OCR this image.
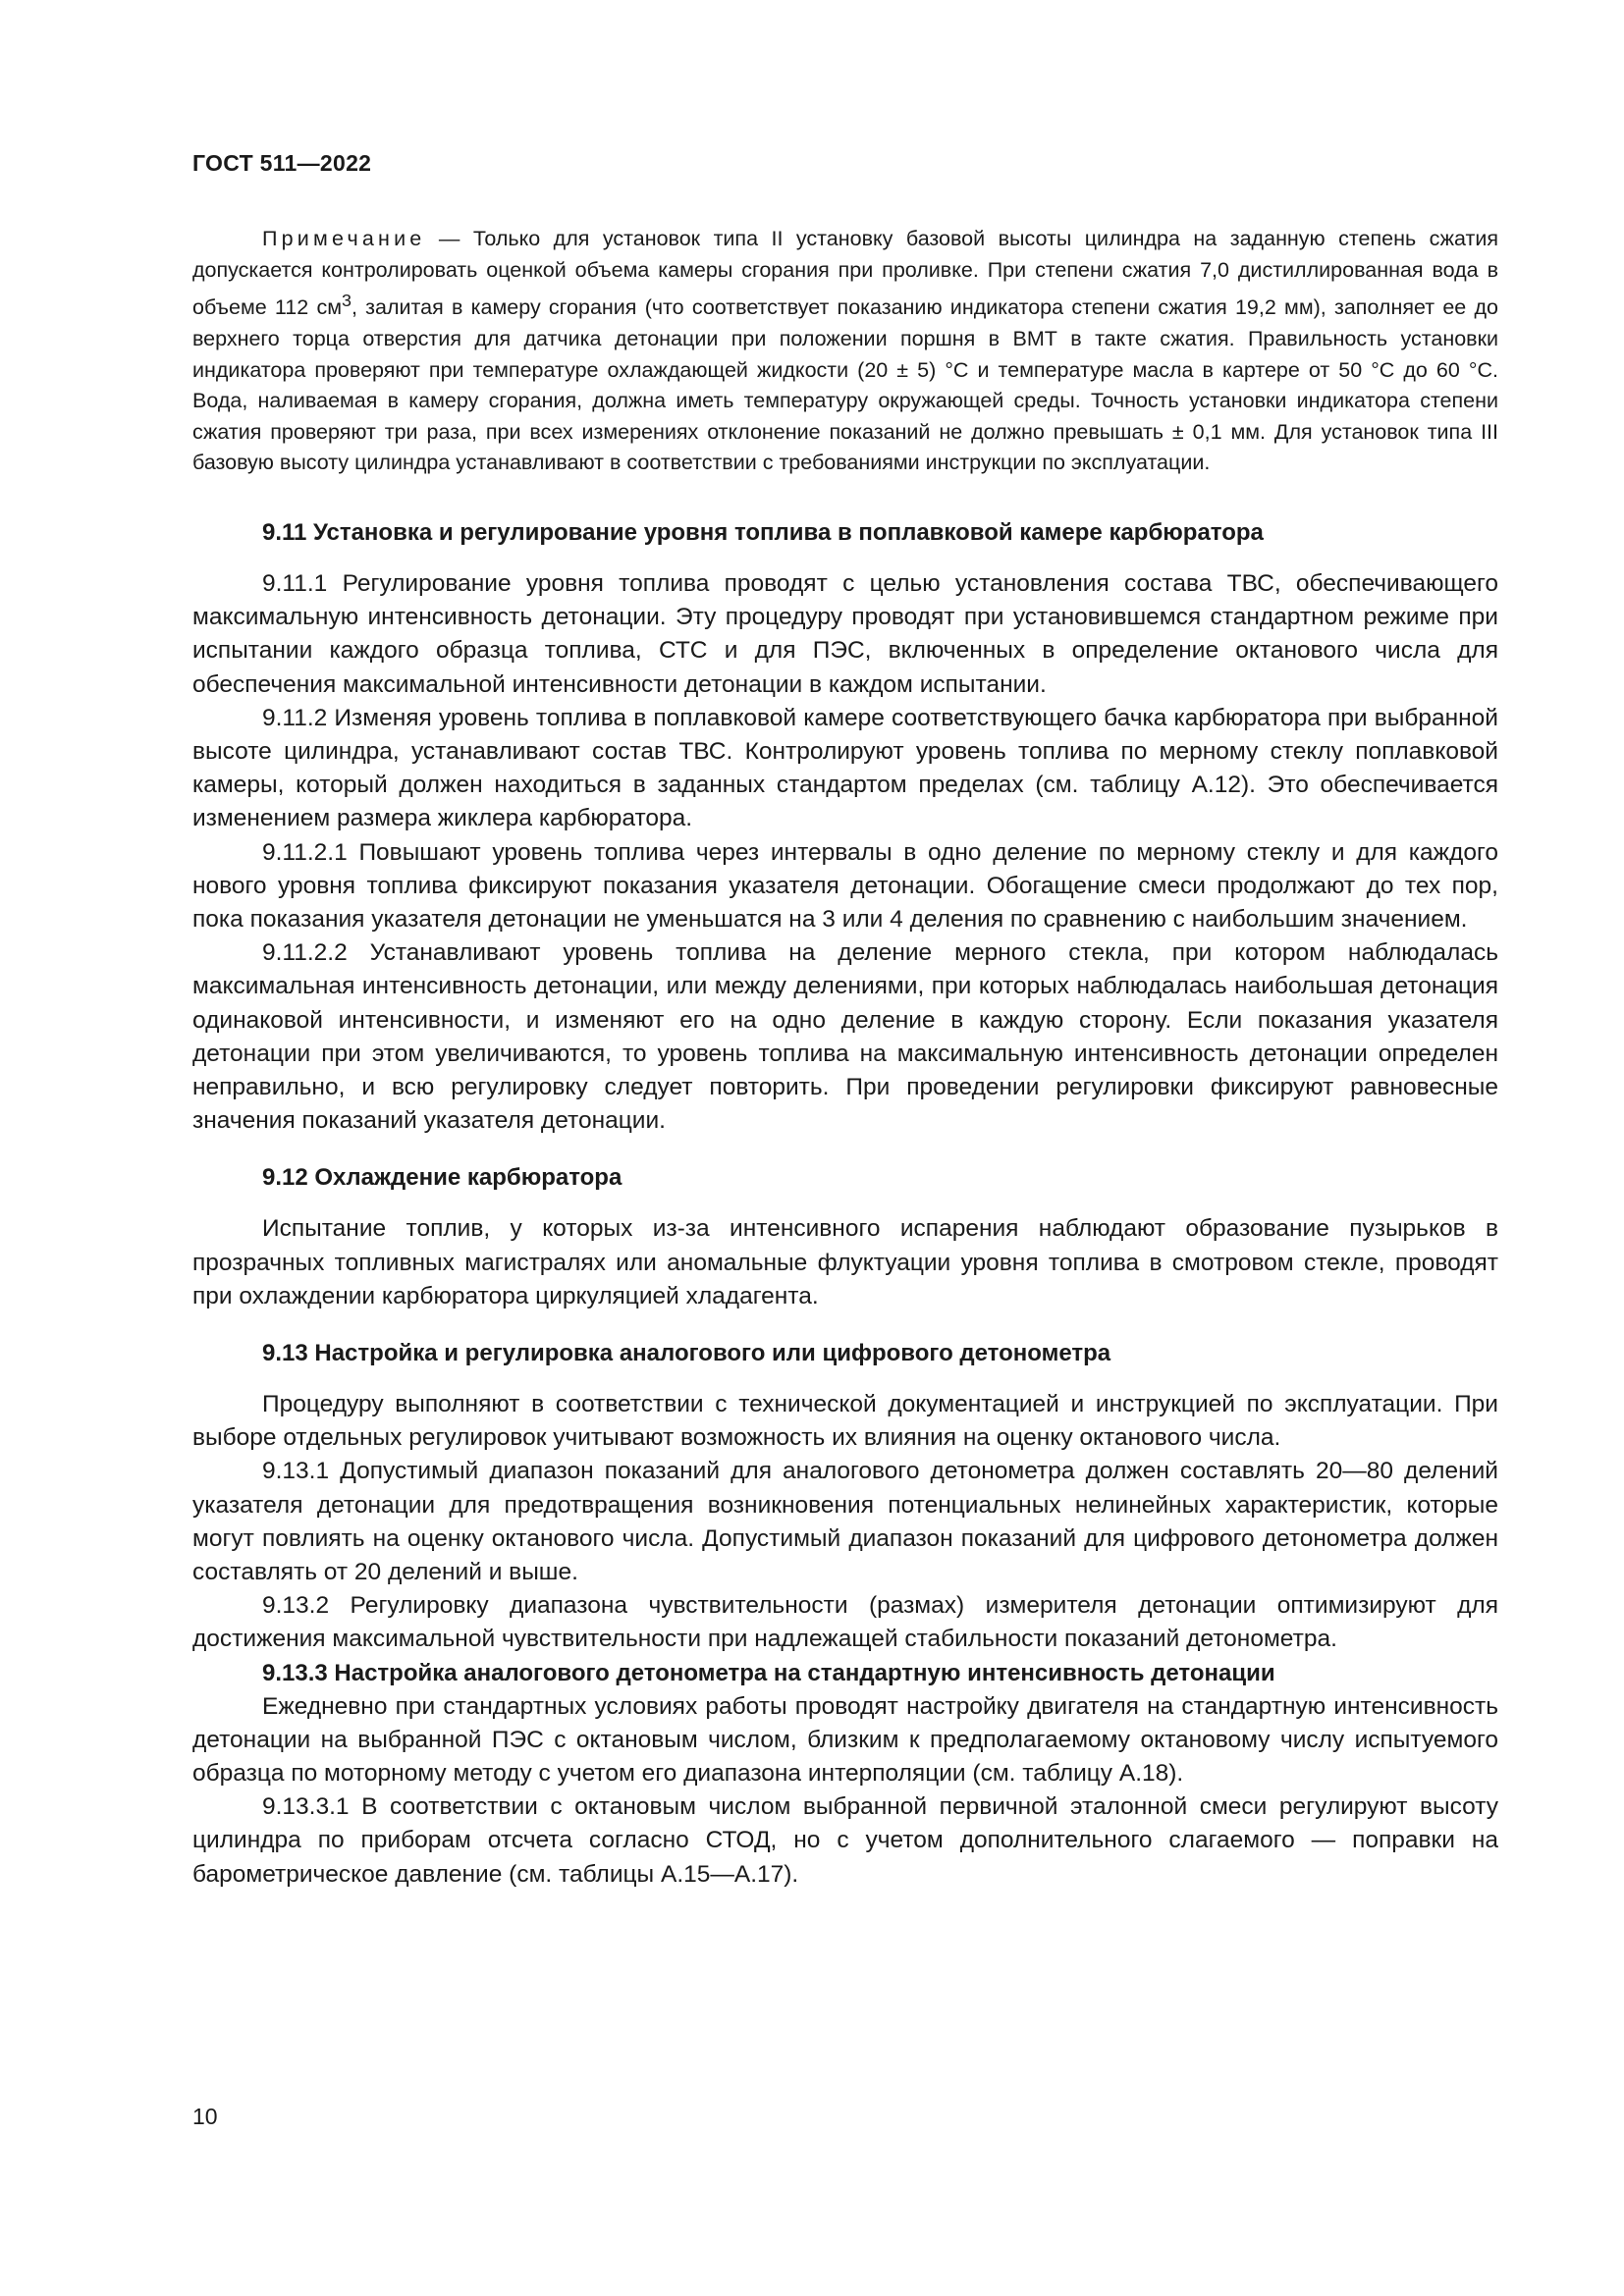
ГОСТ 511—2022

Примечание — Только для установок типа II установку базовой высоты цилиндра на заданную степень сжатия допускается контролировать оценкой объема камеры сгорания при проливке. При степени сжатия 7,0 дистиллированная вода в объеме 112 $см^3$, залитая в камеру сгорания (что соответствует показанию индикатора степени сжатия 19,2 мм), заполняет ее до верхнего торца отверстия для датчика детонации при положении поршня в ВМТ в такте сжатия. Правильность установки индикатора проверяют при температуре охлаждающей жидкости (20 ± 5) °С и температуре масла в картере от 50 °С до 60 °С. Вода, наливаемая в камеру сгорания, должна иметь температуру окружающей среды. Точность установки индикатора степени сжатия проверяют три раза, при всех измерениях отклонение показаний не должно превышать ± 0,1 мм. Для установок типа III базовую высоту цилиндра устанавливают в соответствии с требованиями инструкции по эксплуатации.

9.11 Установка и регулирование уровня топлива в поплавковой камере карбюратора

9.11.1 Регулирование уровня топлива проводят с целью установления состава ТВС, обеспечивающего максимальную интенсивность детонации. Эту процедуру проводят при установившемся стандартном режиме при испытании каждого образца топлива, СТС и для ПЭС, включенных в определение октанового числа для обеспечения максимальной интенсивности детонации в каждом испытании.

9.11.2 Изменяя уровень топлива в поплавковой камере соответствующего бачка карбюратора при выбранной высоте цилиндра, устанавливают состав ТВС. Контролируют уровень топлива по мерному стеклу поплавковой камеры, который должен находиться в заданных стандартом пределах (см. таблицу А.12). Это обеспечивается изменением размера жиклера карбюратора.

9.11.2.1 Повышают уровень топлива через интервалы в одно деление по мерному стеклу и для каждого нового уровня топлива фиксируют показания указателя детонации. Обогащение смеси продолжают до тех пор, пока показания указателя детонации не уменьшатся на 3 или 4 деления по сравнению с наибольшим значением.

9.11.2.2 Устанавливают уровень топлива на деление мерного стекла, при котором наблюдалась максимальная интенсивность детонации, или между делениями, при которых наблюдалась наибольшая детонация одинаковой интенсивности, и изменяют его на одно деление в каждую сторону. Если показания указателя детонации при этом увеличиваются, то уровень топлива на максимальную интенсивность детонации определен неправильно, и всю регулировку следует повторить. При проведении регулировки фиксируют равновесные значения показаний указателя детонации.

9.12 Охлаждение карбюратора

Испытание топлив, у которых из-за интенсивного испарения наблюдают образование пузырьков в прозрачных топливных магистралях или аномальные флуктуации уровня топлива в смотровом стекле, проводят при охлаждении карбюратора циркуляцией хладагента.

9.13 Настройка и регулировка аналогового или цифрового детонометра

Процедуру выполняют в соответствии с технической документацией и инструкцией по эксплуатации. При выборе отдельных регулировок учитывают возможность их влияния на оценку октанового числа.

9.13.1 Допустимый диапазон показаний для аналогового детонометра должен составлять 20—80 делений указателя детонации для предотвращения возникновения потенциальных нелинейных характеристик, которые могут повлиять на оценку октанового числа. Допустимый диапазон показаний для цифрового детонометра должен составлять от 20 делений и выше.

9.13.2 Регулировку диапазона чувствительности (размах) измерителя детонации оптимизируют для достижения максимальной чувствительности при надлежащей стабильности показаний детонометра.

9.13.3 Настройка аналогового детонометра на стандартную интенсивность детонации

Ежедневно при стандартных условиях работы проводят настройку двигателя на стандартную интенсивность детонации на выбранной ПЭС с октановым числом, близким к предполагаемому октановому числу испытуемого образца по моторному методу с учетом его диапазона интерполяции (см. таблицу А.18).

9.13.3.1 В соответствии с октановым числом выбранной первичной эталонной смеси регулируют высоту цилиндра по приборам отсчета согласно СТОД, но с учетом дополнительного слагаемого — поправки на барометрическое давление (см. таблицы А.15—А.17).

10
